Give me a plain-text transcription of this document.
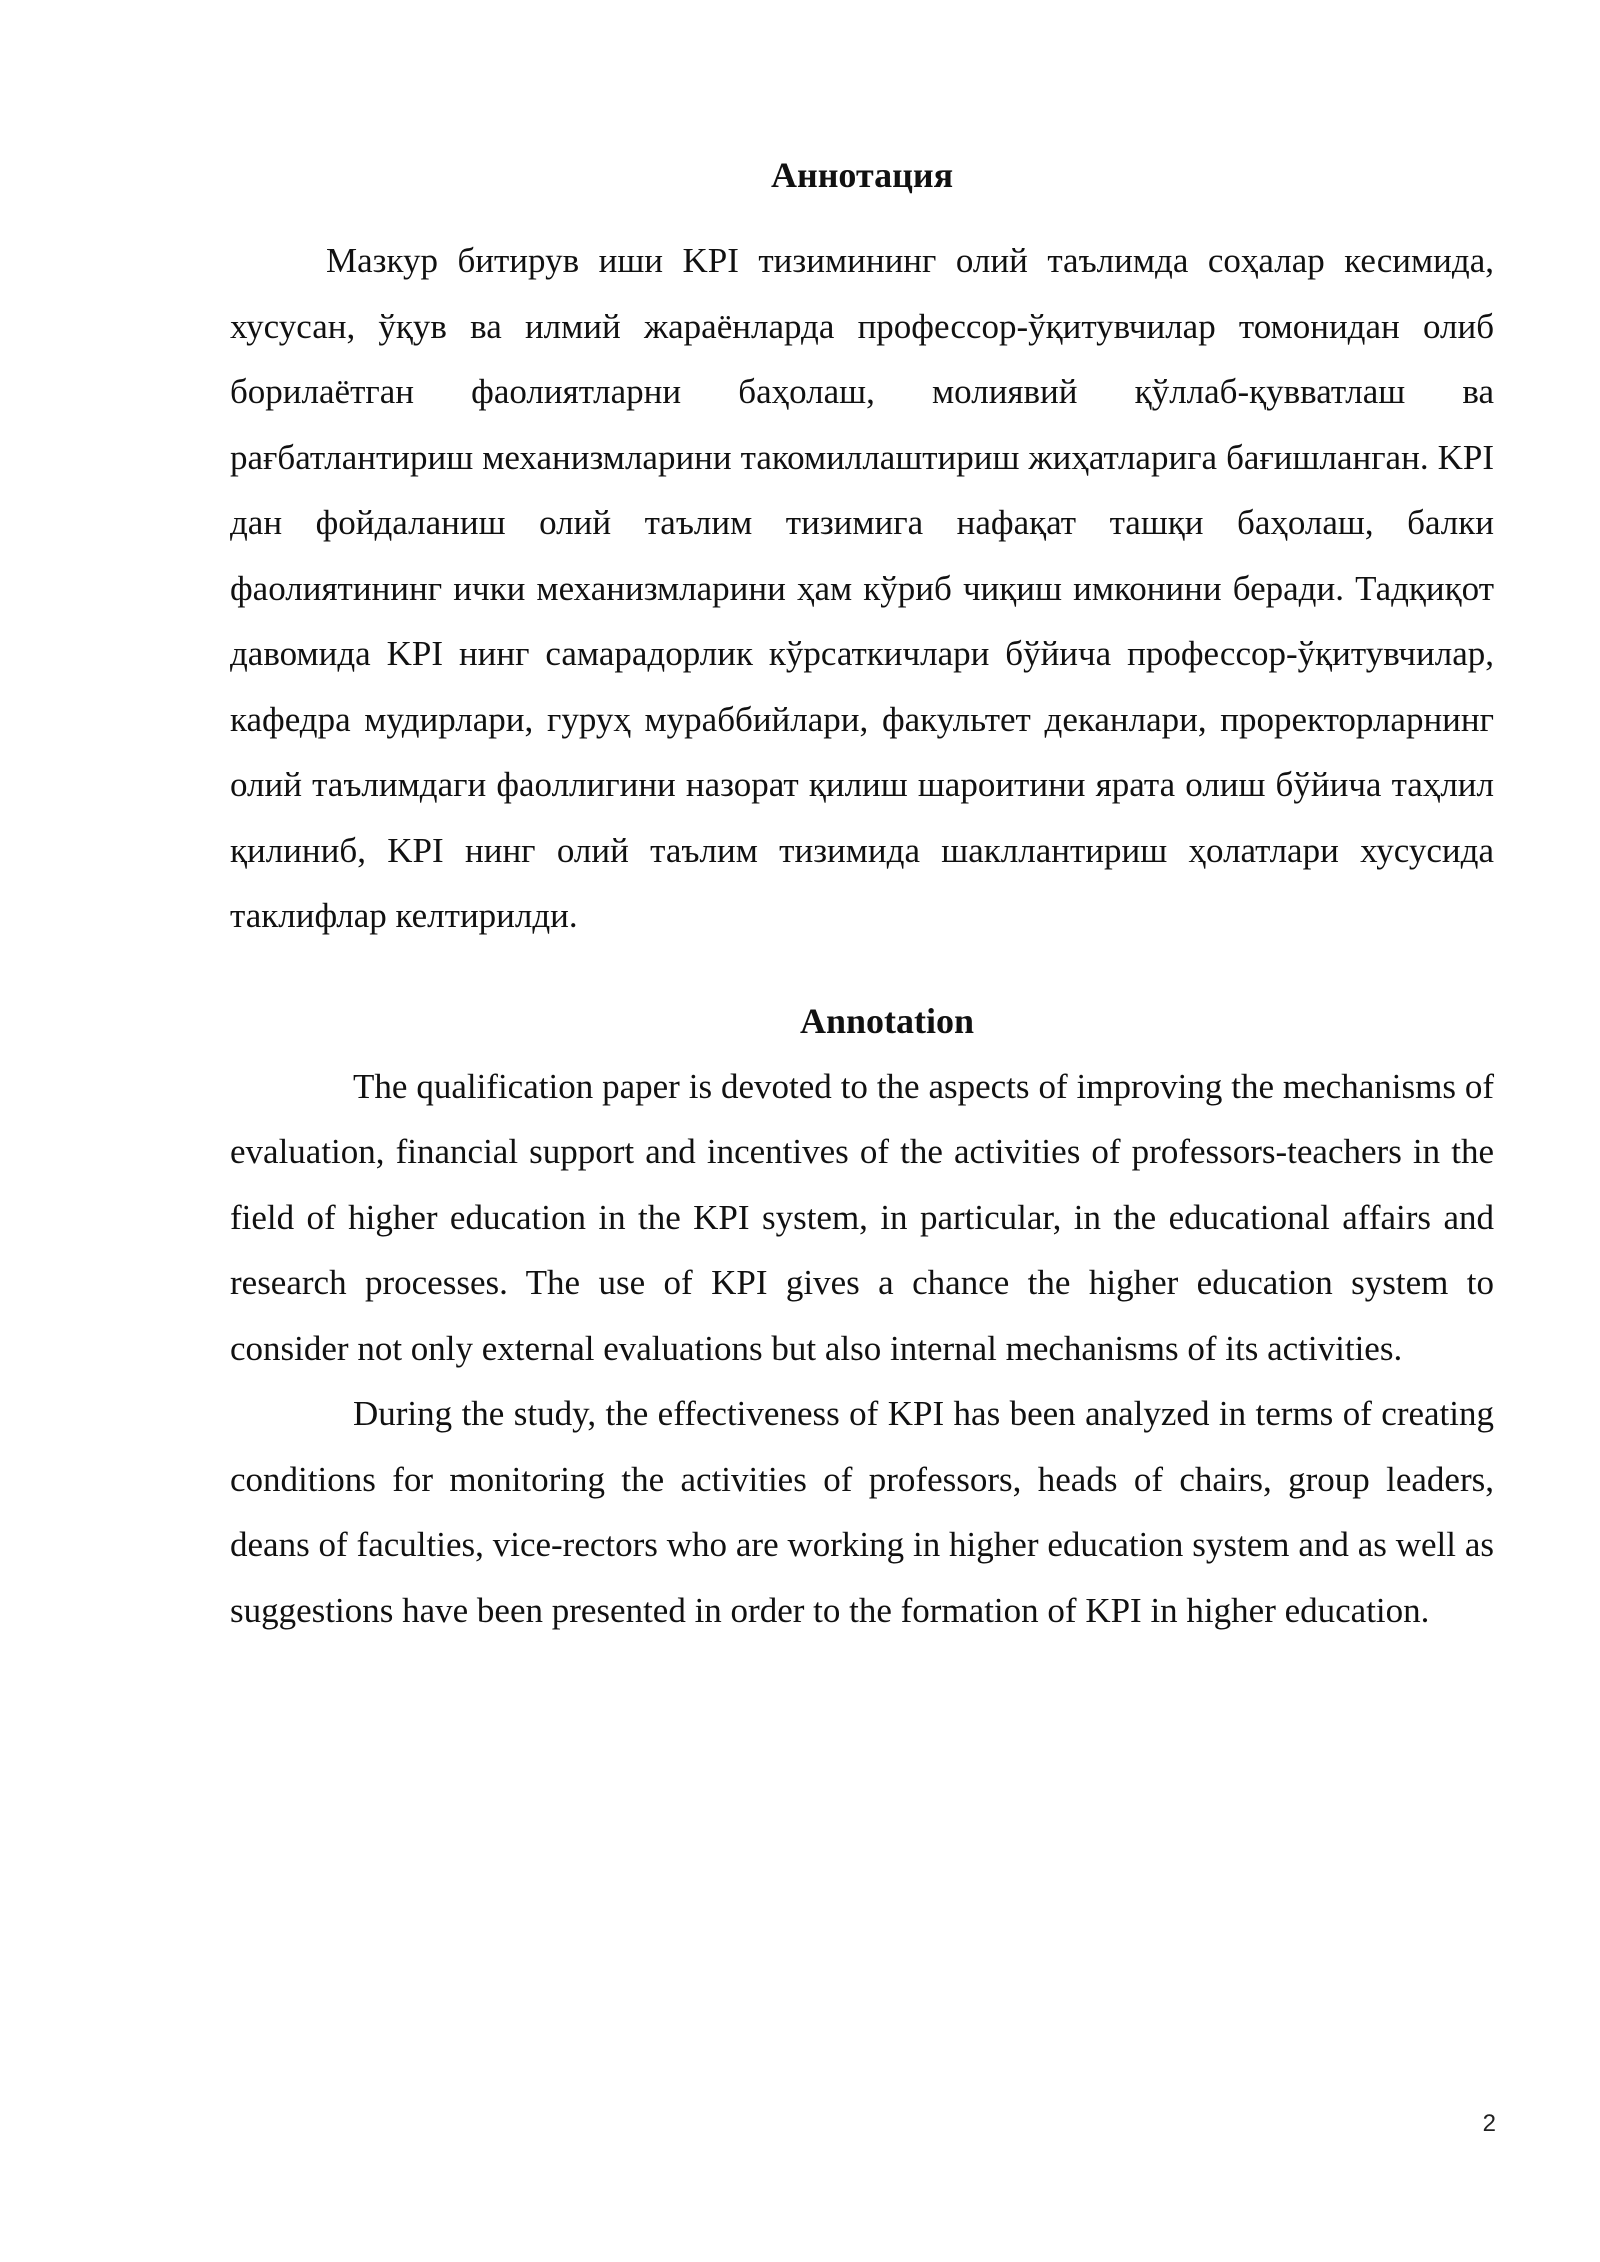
Аннотация

Мазкур битирув иши KPI тизимининг олий таълимда соҳалар кесимида, хусусан, ўқув ва илмий жараёнларда профессор-ўқитувчилар томонидан олиб борилаётган фаолиятларни баҳолаш, молиявий қўллаб-қувватлаш ва рағбатлантириш механизмларини такомиллаштириш жиҳатларига бағишланган. KPI дан фойдаланиш олий таълим тизимига нафақат ташқи баҳолаш, балки фаолиятининг ички механизмларини ҳам кўриб чиқиш имконини беради. Тадқиқот давомида KPI нинг самарадорлик кўрсаткичлари бўйича профессор-ўқитувчилар, кафедра мудирлари, гуруҳ мураббийлари, факультет деканлари, проректорларнинг олий таълимдаги фаоллигини назорат қилиш шароитини ярата олиш бўйича таҳлил қилиниб, KPI нинг олий таълим тизимида шакллантириш ҳолатлари хусусида таклифлар келтирилди.

Annotation

The qualification paper is devoted to the aspects of improving the mechanisms of evaluation, financial support and incentives of the activities of professors-teachers in the field of higher education in the KPI system, in particular, in the educational affairs and research processes. The use of KPI gives a chance the higher education system to consider not only external evaluations but also internal mechanisms of its activities.

During the study, the effectiveness of KPI has been analyzed in terms of creating conditions for monitoring the activities of professors, heads of chairs, group leaders, deans of faculties, vice-rectors who are working in higher education system and as well as suggestions have been presented in order to the formation of KPI in higher education.

2
